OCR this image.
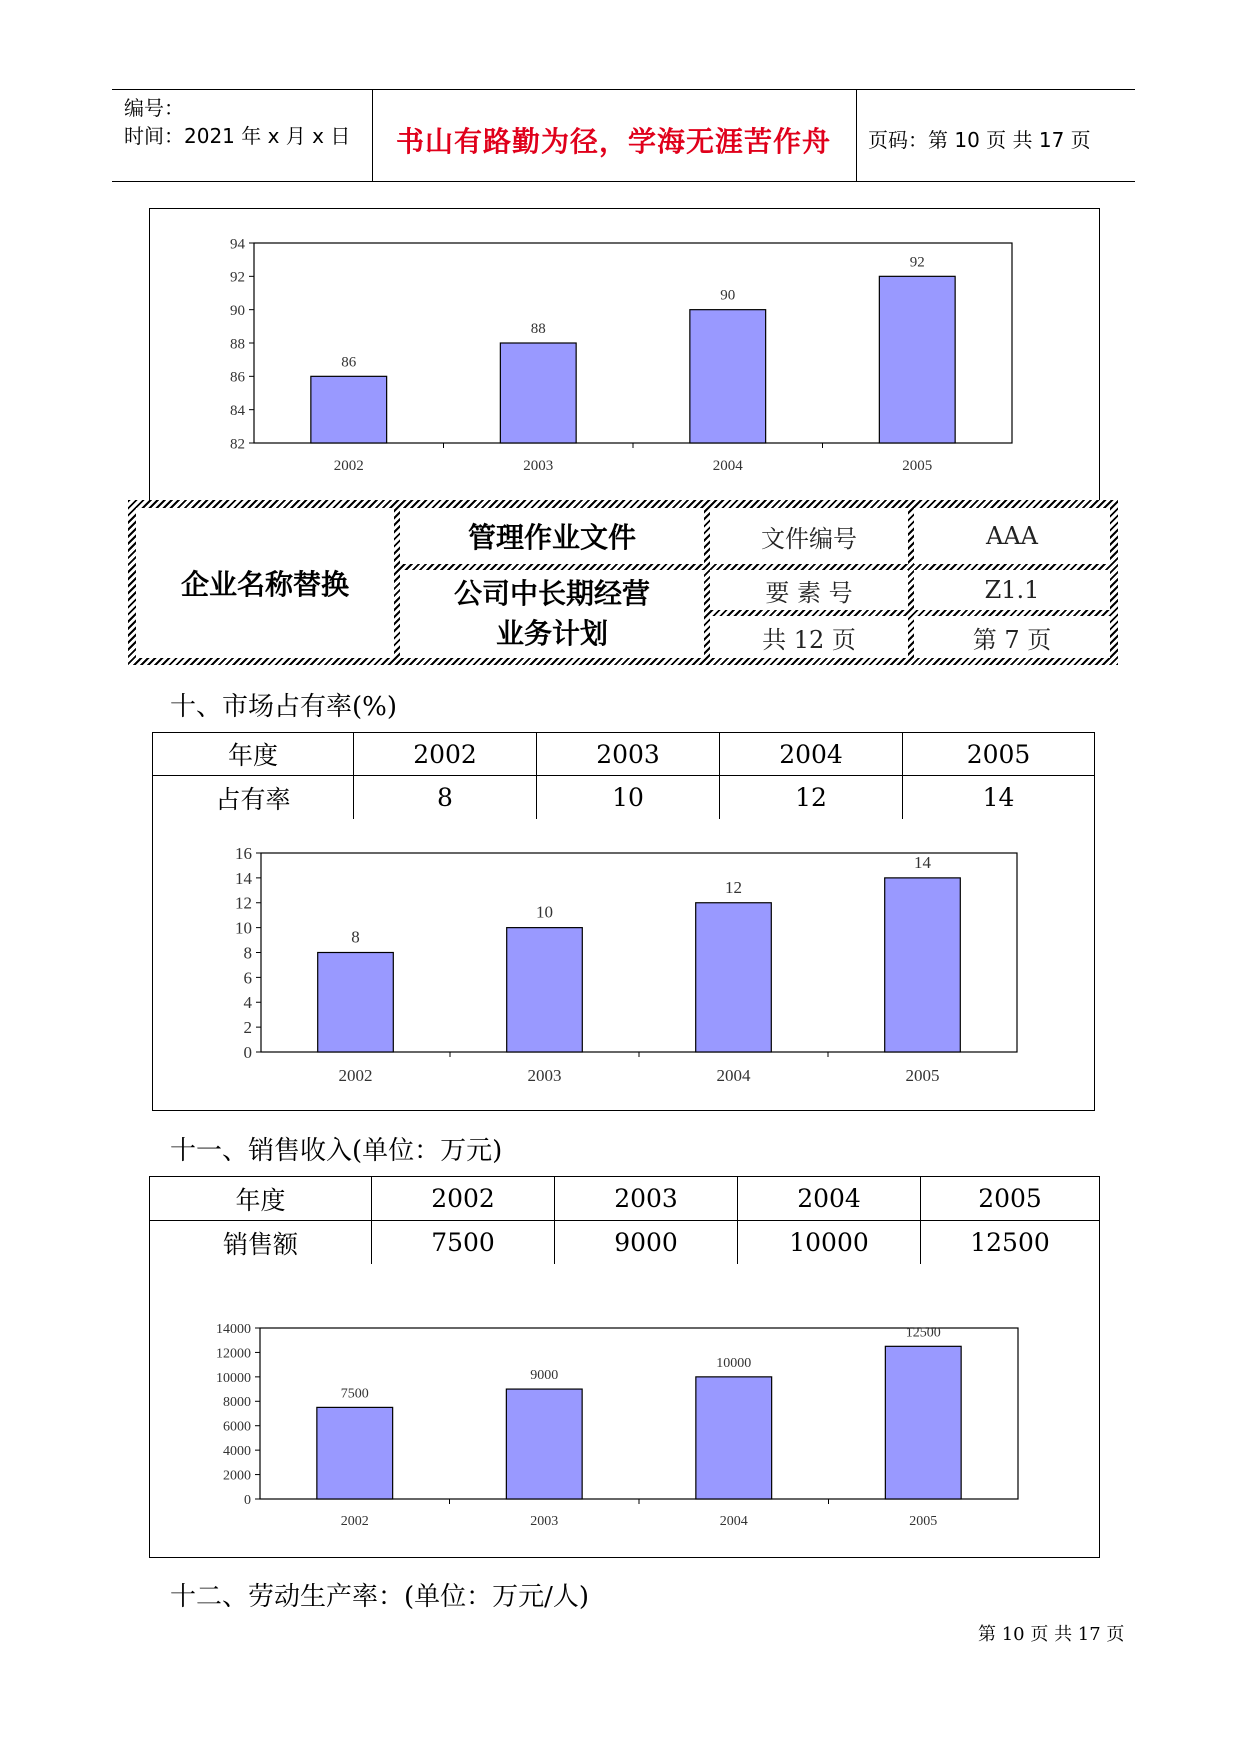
编号：
时间：2021 年 x 月 x 日 书山有路勤为径，学海无涯苦作舟 页码：第 10 页 共 17 页
82
84
86
88
90
92
94
86
2002
88
2003
90
2004
92
2005
企业名称替换
管理作业文件
公司中长期经营
业务计划
文件编号	AAA
要 素 号	Z1.1
共 12 页	第 7 页
十、市场占有率(%)
年度	2002	2003	2004	2005
占有率	8	10	12	14
0
2
4
6
8
10
12
14
16
8
2002
10
2003
12
2004
14
2005
十一、销售收入(单位：万元)
年度	2002	2003	2004	2005
销售额	7500	9000	10000	12500
0
2000
4000
6000
8000
10000
12000
14000
7500
2002
9000
2003
10000
2004
12500
2005
十二、劳动生产率：(单位：万元/人)
第 10 页 共 17 页
